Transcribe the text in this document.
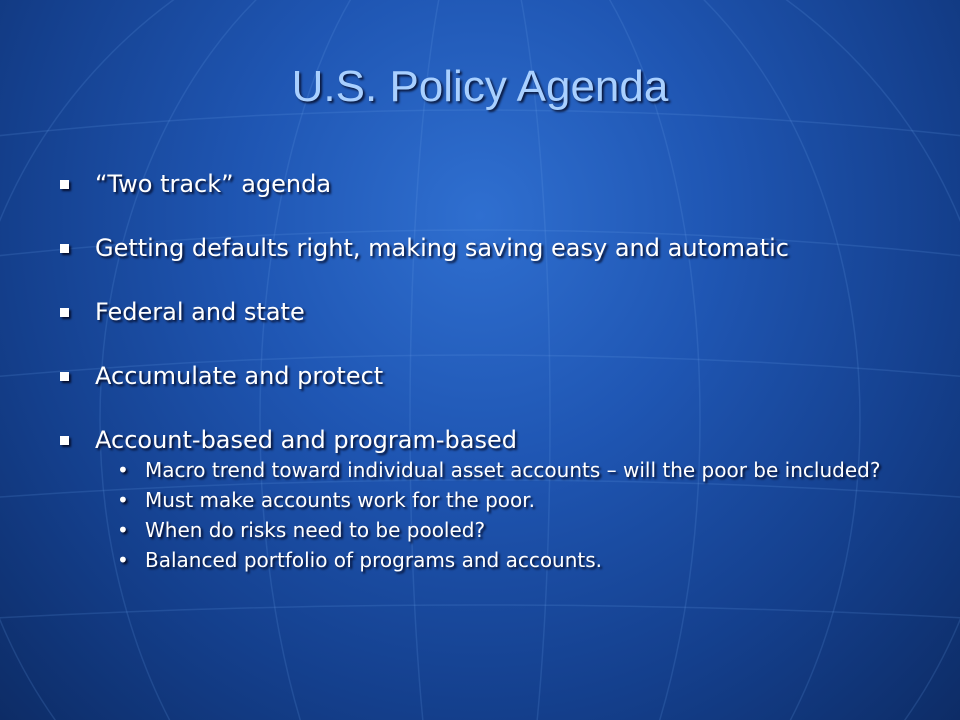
U.S. Policy Agenda
“Two track” agenda
Getting defaults right, making saving easy and automatic
Federal and state
Accumulate and protect
Account-based and program-based
• Macro trend toward individual asset accounts – will the poor be included?
• Must make accounts work for the poor.
• When do risks need to be pooled?
• Balanced portfolio of programs and accounts.
